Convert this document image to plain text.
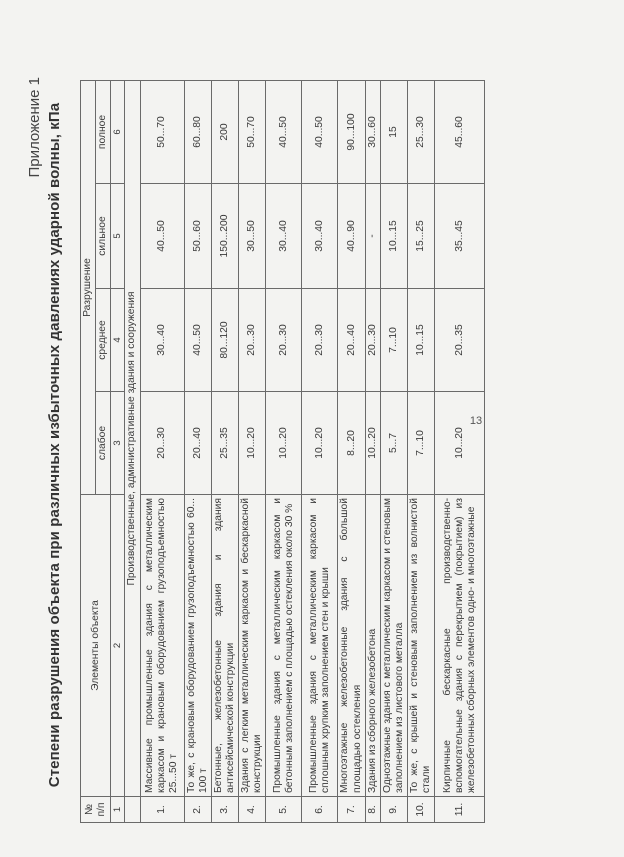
Приложение 1 Степени разрушения объекта при различных избыточных давлениях ударной волны, кПа
№ п/п	Элементы объекта	Разрушение			
		слабое	среднее	сильное	полное
1	2	3	4	5	6
	Производственные, административные здания и сооружения				
1.	Массивные промышленные здания с металлическим каркасом и крановым оборудованием грузоподъемностью 25...50 т	20...30	30...40	40...50	50...70
2.	То же, с крановым оборудованием грузоподъемностью 60... 100 т	20...40	40...50	50...60	60...80
3.	Бетонные, железобетонные здания и здания антисейсмической конструкции	25...35	80...120	150...200	200
4.	Здания с легким металлическим каркасом и бескаркасной конструкции	10...20	20...30	30...50	50...70
5.	Промышленные здания с металлическим каркасом и бетонным заполнением с площадью остекления около 30 %	10...20	20...30	30...40	40...50
6.	Промышленные здания с металлическим каркасом и сплошным хрупким заполнением стен и крыши	10...20	20...30	30...40	40...50
7.	Многоэтажные железобетонные здания с большой площадью остекления	8...20	20...40	40...90	90...100
8.	Здания из сборного железобетона	10...20	20...30	-	30...60
9.	Одноэтажные здания с металлическим каркасом и стеновым заполнением из листового металла	5...7	7...10	10...15	15
10.	То же, с крышей и стеновым заполнением из волнистой стали	7...10	10...15	15...25	25...30
11.	Кирпичные бескаркасные производственно-вспомогательные здания с перекрытием (покрытием) из железобетонных сборных элементов одно- и многоэтажные	10...20	20...35	35...45	45...60
13
